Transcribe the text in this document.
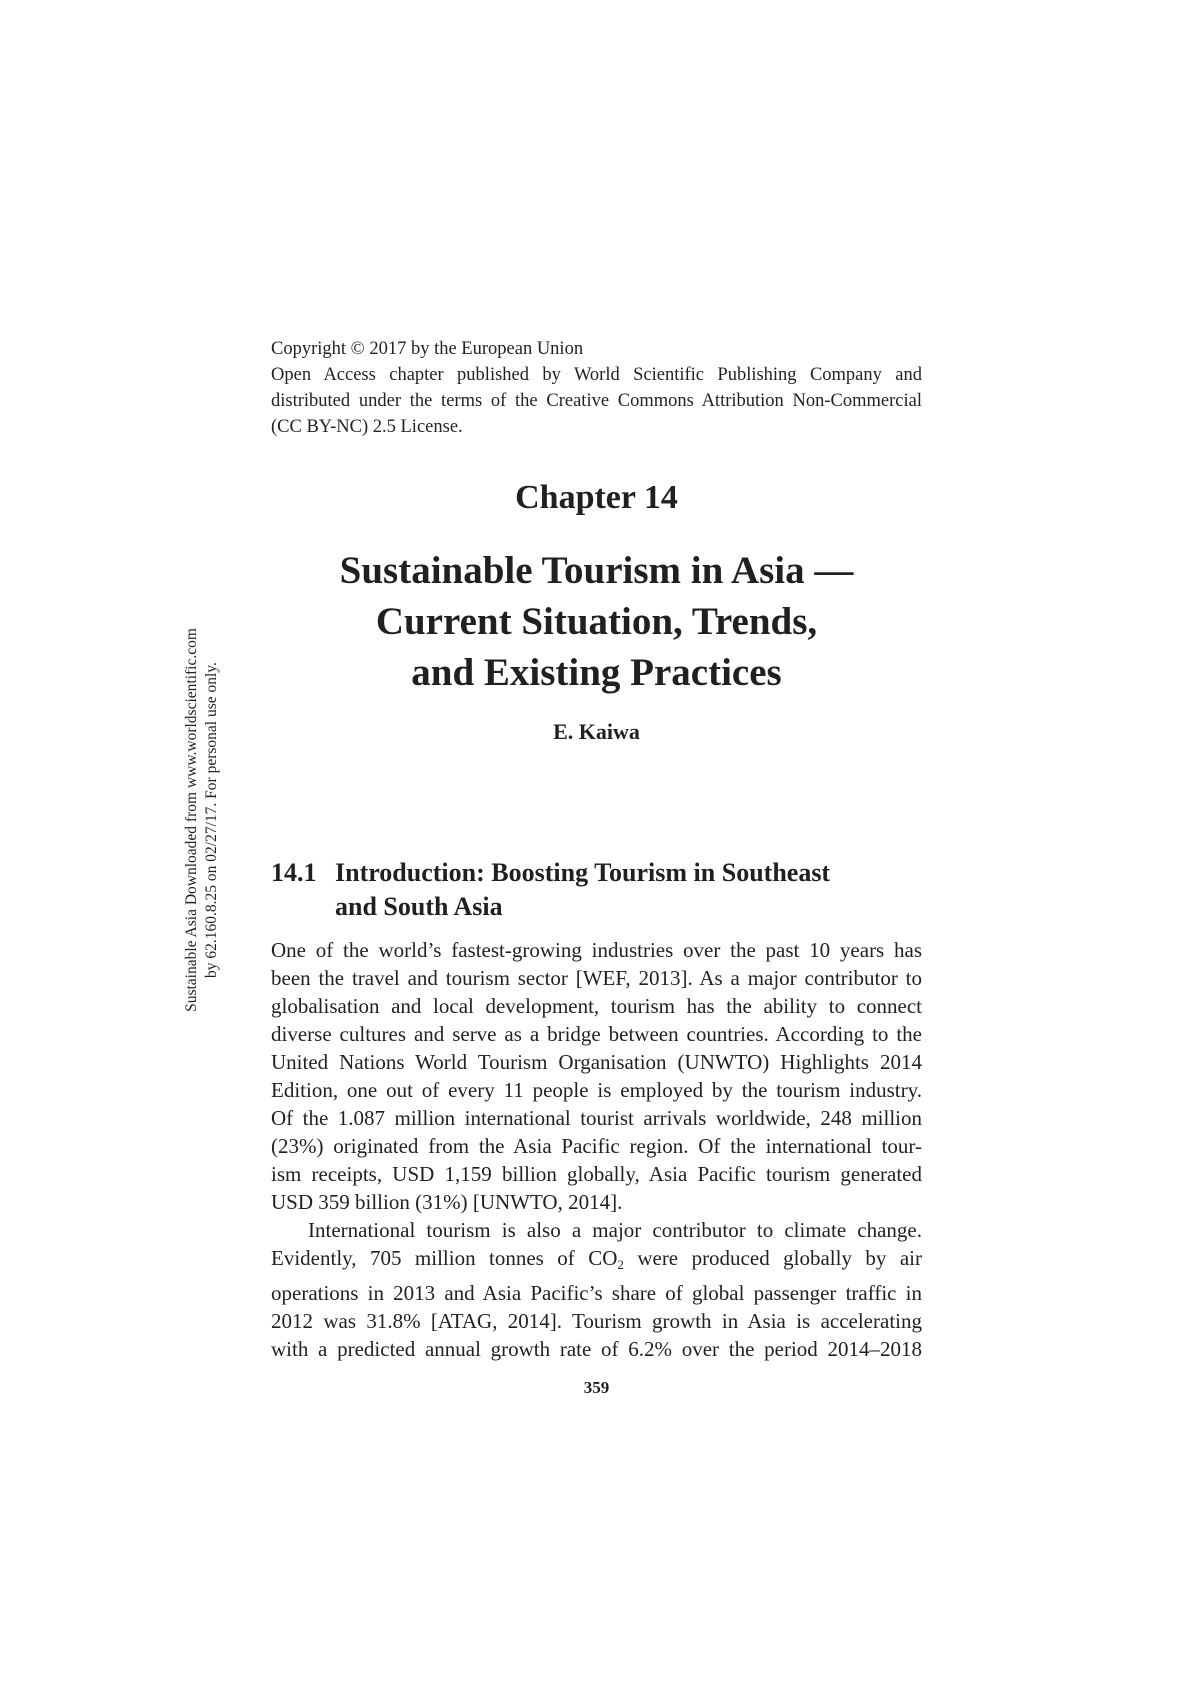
Copyright © 2017 by the European Union
Open Access chapter published by World Scientific Publishing Company and
distributed under the terms of the Creative Commons Attribution Non-Commercial
(CC BY-NC) 2.5 License.
Chapter 14
Sustainable Tourism in Asia —
Current Situation, Trends,
and Existing Practices
E. Kaiwa
14.1 Introduction: Boosting Tourism in Southeast
and South Asia

One of the world’s fastest-growing industries over the past 10 years has

been the travel and tourism sector [WEF, 2013]. As a major contributor to

globalisation and local development, tourism has the ability to connect

diverse cultures and serve as a bridge between countries. According to the

United Nations World Tourism Organisation (UNWTO) Highlights 2014

Edition, one out of every 11 people is employed by the tourism industry.

Of the 1.087 million international tourist arrivals worldwide, 248 million

(23%) originated from the Asia Pacific region. Of the international tour-

ism receipts, USD 1,159 billion globally, Asia Pacific tourism generated

USD 359 billion (31%) [UNWTO, 2014].

International tourism is also a major contributor to climate change.

Evidently, 705 million tonnes of $CO_2$ were produced globally by air

operations in 2013 and Asia Pacific’s share of global passenger traffic in

2012 was 31.8% [ATAG, 2014]. Tourism growth in Asia is accelerating

with a predicted annual growth rate of 6.2% over the period 2014–2018

359
Sustainable Asia Downloaded from www.worldscientific.com by 62.160.8.25 on 02/27/17. For personal use only.
